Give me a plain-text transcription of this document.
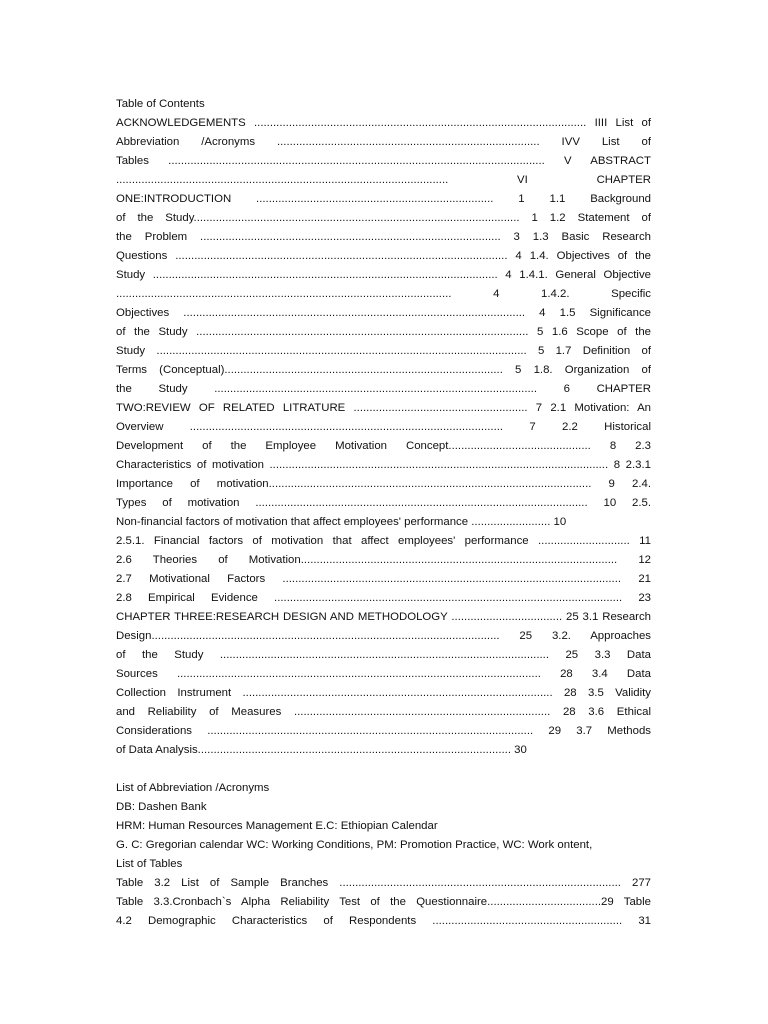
Table of Contents
ACKNOWLEDGEMENTS ......................................................................................................... IIII List of
Abbreviation /Acronyms ................................................................................... IVV List of
Tables ....................................................................................................................... V ABSTRACT
......................................................................................................... VI CHAPTER
ONE:INTRODUCTION ........................................................................... 1 1.1 Background
of the Study....................................................................................................... 1 1.2 Statement of
the Problem ............................................................................................... 3 1.3 Basic Research
Questions ......................................................................................................... 4 1.4. Objectives of the
Study ............................................................................................................. 4 1.4.1. General Objective
.......................................................................................................... 4 1.4.2. Specific
Objectives ............................................................................................................ 4 1.5 Significance
of the Study ......................................................................................................... 5 1.6 Scope of the
Study ..................................................................................................................... 5 1.7 Definition of
Terms (Conceptual)........................................................................................ 5 1.8. Organization of
the Study ...................................................................................................... 6 CHAPTER
TWO:REVIEW OF RELATED LITRATURE ....................................................... 7 2.1 Motivation: An
Overview ................................................................................................... 7 2.2 Historical
Development of the Employee Motivation Concept............................................. 8 2.3
Characteristics of motivation ........................................................................................................... 8 2.3.1
Importance of motivation...................................................................................................... 9 2.4.
Types of motivation ......................................................................................................... 10 2.5.
Non-financial factors of motivation that affect employees' performance ......................... 10
2.5.1. Financial factors of motivation that affect employees' performance ............................. 11
2.6 Theories of Motivation.................................................................................................... 12
2.7 Motivational Factors ........................................................................................................... 21
2.8 Empirical Evidence .............................................................................................................. 23
CHAPTER THREE:RESEARCH DESIGN AND METHODOLOGY ................................... 25 3.1 Research
Design.............................................................................................................. 25 3.2. Approaches
of the Study ........................................................................................................ 25 3.3 Data
Sources ................................................................................................................... 28 3.4 Data
Collection Instrument .................................................................................................. 28 3.5 Validity
and Reliability of Measures ................................................................................. 28 3.6 Ethical
Considerations ....................................................................................................... 29 3.7 Methods
of Data Analysis................................................................................................... 30
List of Abbreviation /Acronyms
DB: Dashen Bank
HRM: Human Resources Management E.C: Ethiopian Calendar
G. C: Gregorian calendar WC: Working Conditions, PM: Promotion Practice, WC: Work ontent,
List of Tables
Table 3.2 List of Sample Branches ......................................................................................... 277
Table 3.3.Cronbach`s Alpha Reliability Test of the Questionnaire....................................29 Table
4.2 Demographic Characteristics of Respondents ............................................................ 31
